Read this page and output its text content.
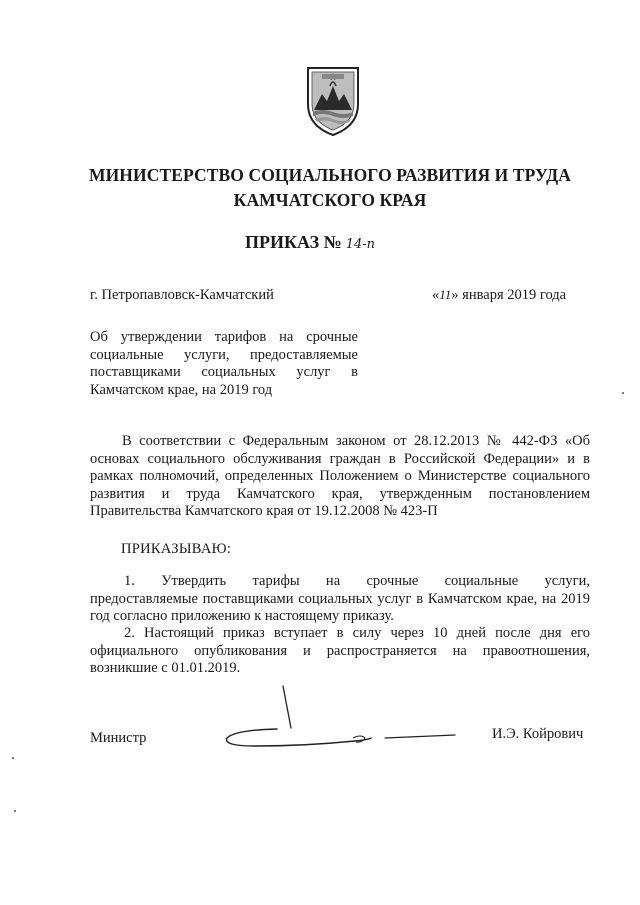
МИНИСТЕРСТВО СОЦИАЛЬНОГО РАЗВИТИЯ И ТРУДА
КАМЧАТСКОГО КРАЯ
ПРИКАЗ № 14-п
г. Петропавловск-Камчатский	«11» января 2019 года
Об утверждении тарифов на срочные
социальные услуги, предоставляемые
поставщиками социальных услуг в
Камчатском крае, на 2019 год
В соответствии с Федеральным законом от 28.12.2013 № 442-ФЗ «Об
основах социального обслуживания граждан в Российской Федерации» и в
рамках полномочий, определенных Положением о Министерстве социального
развития и труда Камчатского края, утвержденным постановлением
Правительства Камчатского края от 19.12.2008 № 423-П
ПРИКАЗЫВАЮ:
1. Утвердить тарифы на срочные социальные услуги,
предоставляемые поставщиками социальных услуг в Камчатском крае, на 2019
год согласно приложению к настоящему приказу.
2. Настоящий приказ вступает в силу через 10 дней после дня его
официального опубликования и распространяется на правоотношения,
возникшие с 01.01.2019.
Министр	И.Э. Койрович
